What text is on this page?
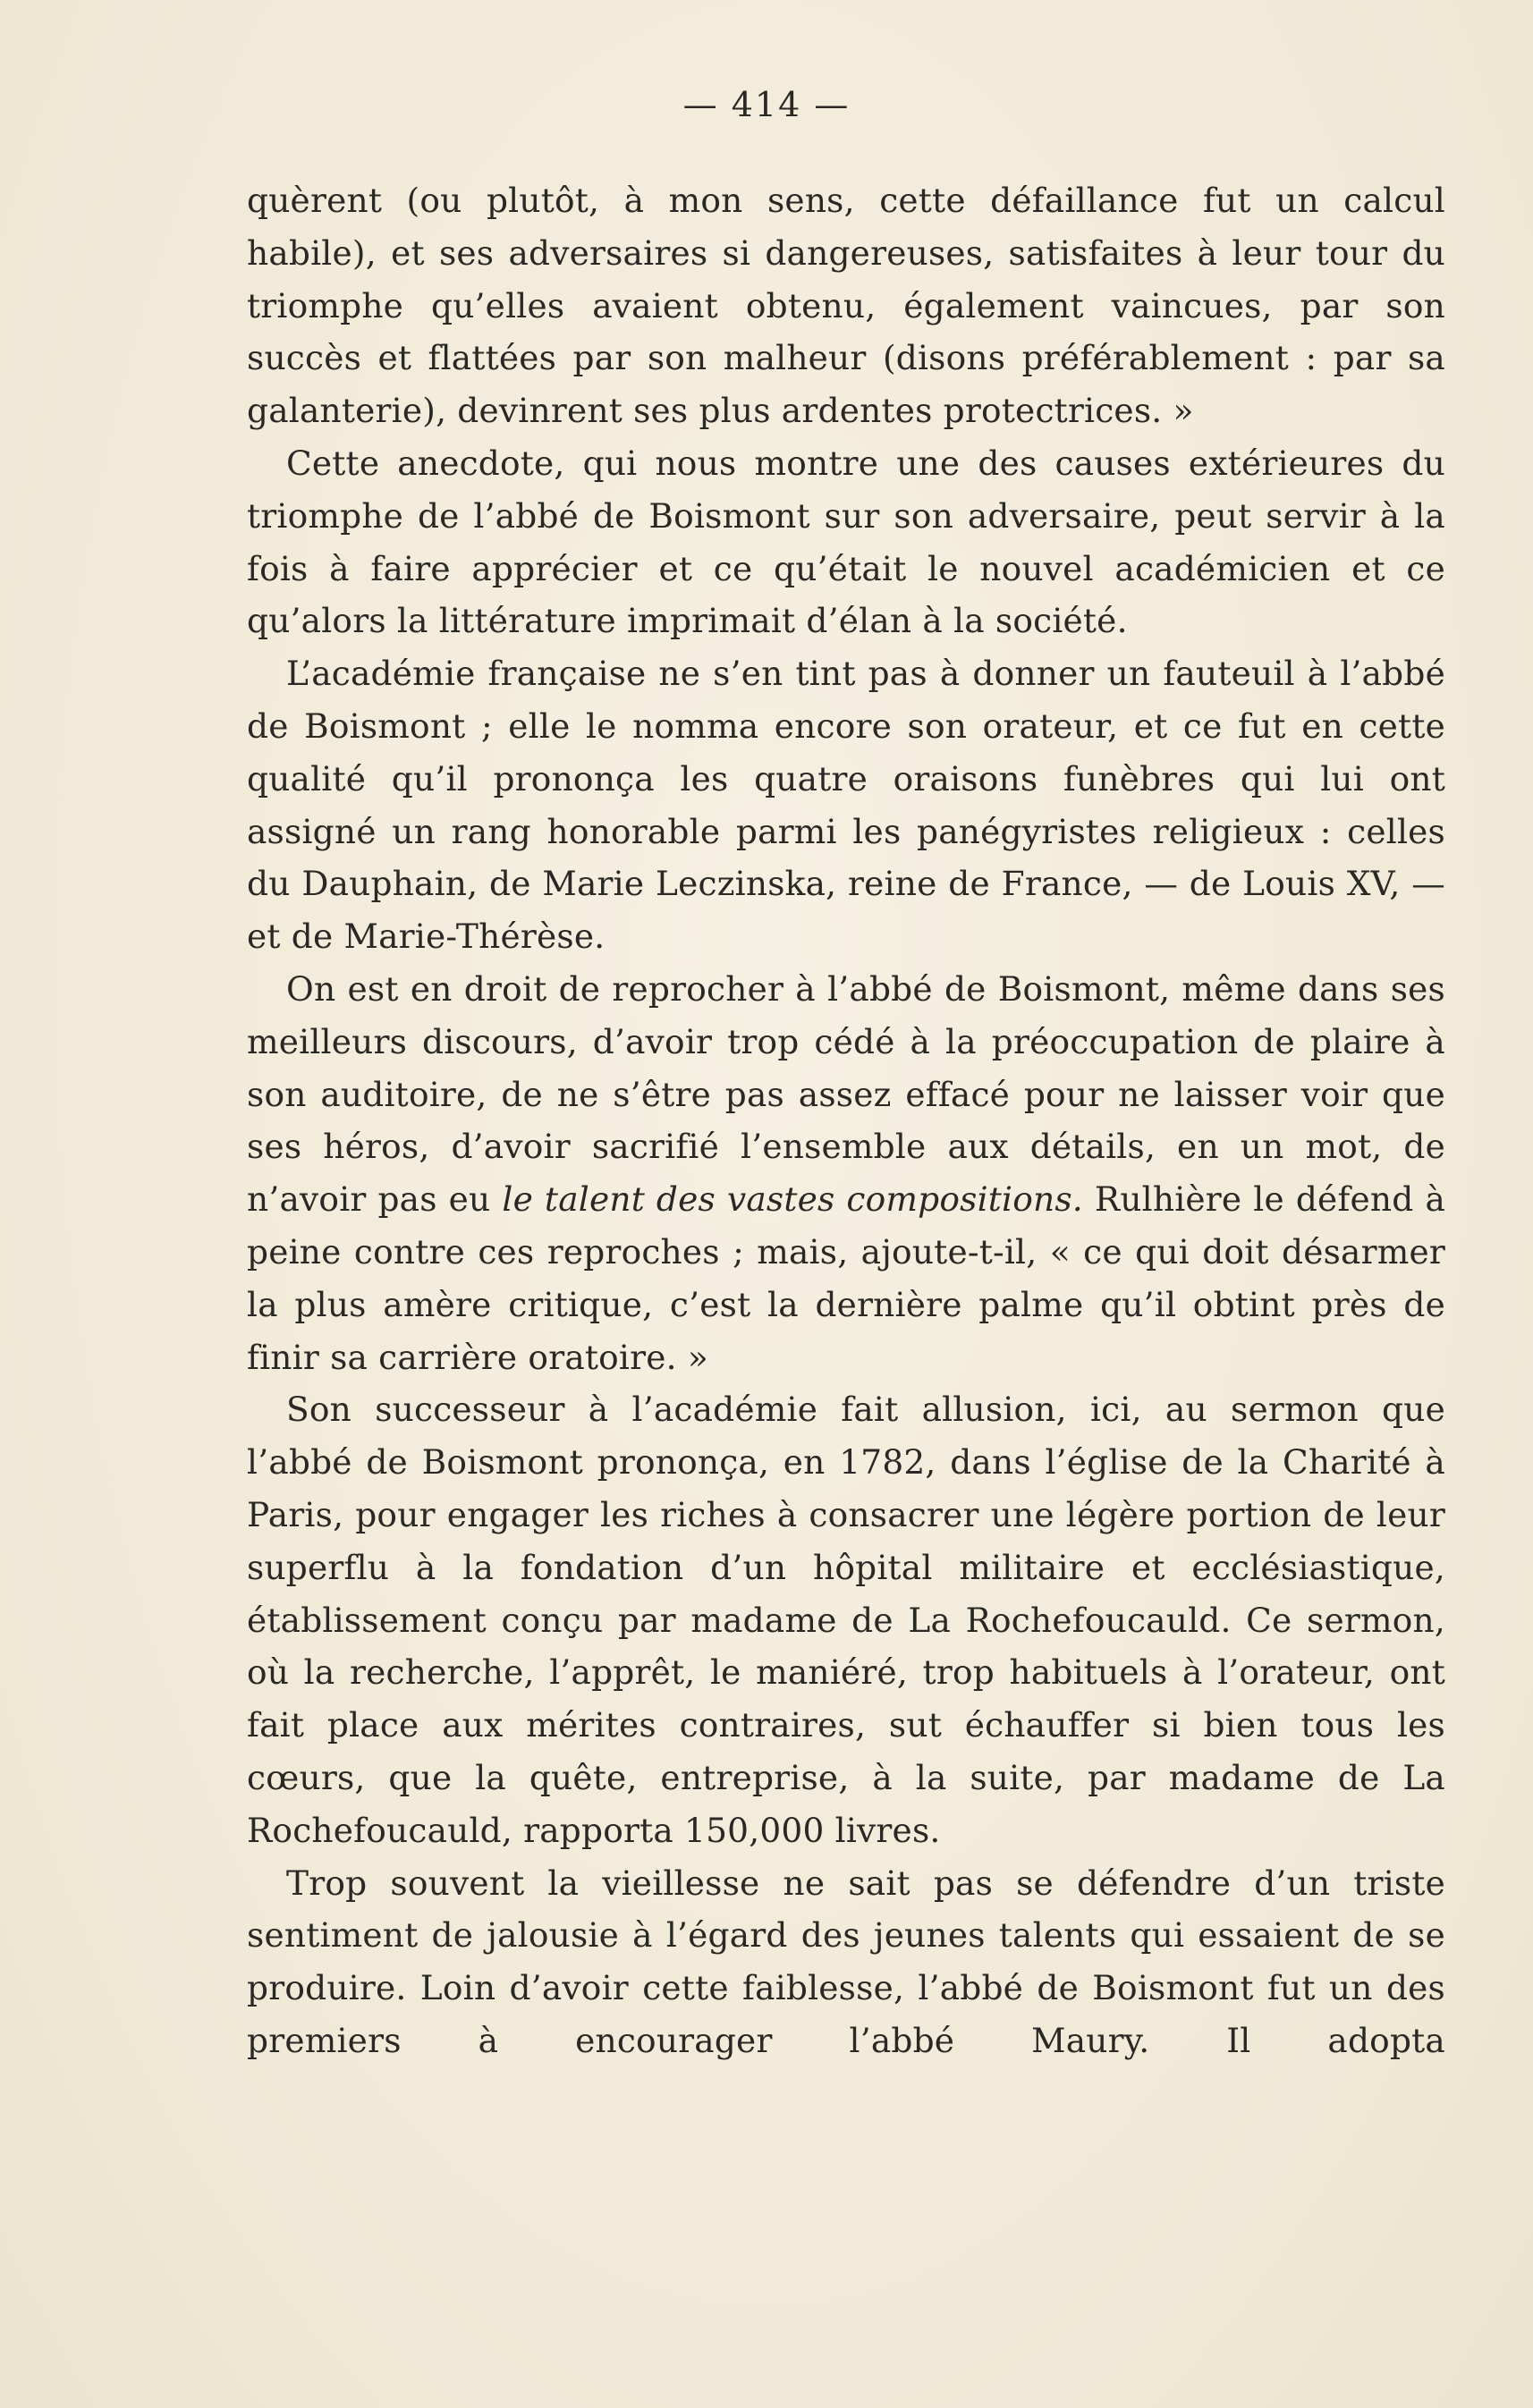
— 414 —

quèrent (ou plutôt, à mon sens, cette défaillance fut un calcul habile), et ses adversaires si dangereuses, satisfaites à leur tour du triomphe qu’elles avaient obtenu, également vaincues, par son succès et flattées par son malheur (disons préférablement : par sa galanterie), devinrent ses plus ardentes protectrices. »

Cette anecdote, qui nous montre une des causes extérieures du triomphe de l’abbé de Boismont sur son adversaire, peut servir à la fois à faire apprécier et ce qu’était le nouvel académicien et ce qu’alors la littérature imprimait d’élan à la société.

L’académie française ne s’en tint pas à donner un fauteuil à l’abbé de Boismont ; elle le nomma encore son orateur, et ce fut en cette qualité qu’il prononça les quatre oraisons funèbres qui lui ont assigné un rang honorable parmi les panégyristes religieux : celles du Dauphain, de Marie Leczinska, reine de France, — de Louis XV, — et de Marie-Thérèse.

On est en droit de reprocher à l’abbé de Boismont, même dans ses meilleurs discours, d’avoir trop cédé à la préoccupation de plaire à son auditoire, de ne s’être pas assez effacé pour ne laisser voir que ses héros, d’avoir sacrifié l’ensemble aux détails, en un mot, de n’avoir pas eu le talent des vastes compositions. Rulhière le défend à peine contre ces reproches ; mais, ajoute-t-il, « ce qui doit désarmer la plus amère critique, c’est la dernière palme qu’il obtint près de finir sa carrière oratoire. »

Son successeur à l’académie fait allusion, ici, au sermon que l’abbé de Boismont prononça, en 1782, dans l’église de la Charité à Paris, pour engager les riches à consacrer une légère portion de leur superflu à la fondation d’un hôpital militaire et ecclésiastique, établissement conçu par madame de La Rochefoucauld. Ce sermon, où la recherche, l’apprêt, le maniéré, trop habituels à l’orateur, ont fait place aux mérites contraires, sut échauffer si bien tous les cœurs, que la quête, entreprise, à la suite, par madame de La Rochefoucauld, rapporta 150,000 livres.

Trop souvent la vieillesse ne sait pas se défendre d’un triste sentiment de jalousie à l’égard des jeunes talents qui essaient de se produire. Loin d’avoir cette faiblesse, l’abbé de Boismont fut un des premiers à encourager l’abbé Maury. Il adopta
